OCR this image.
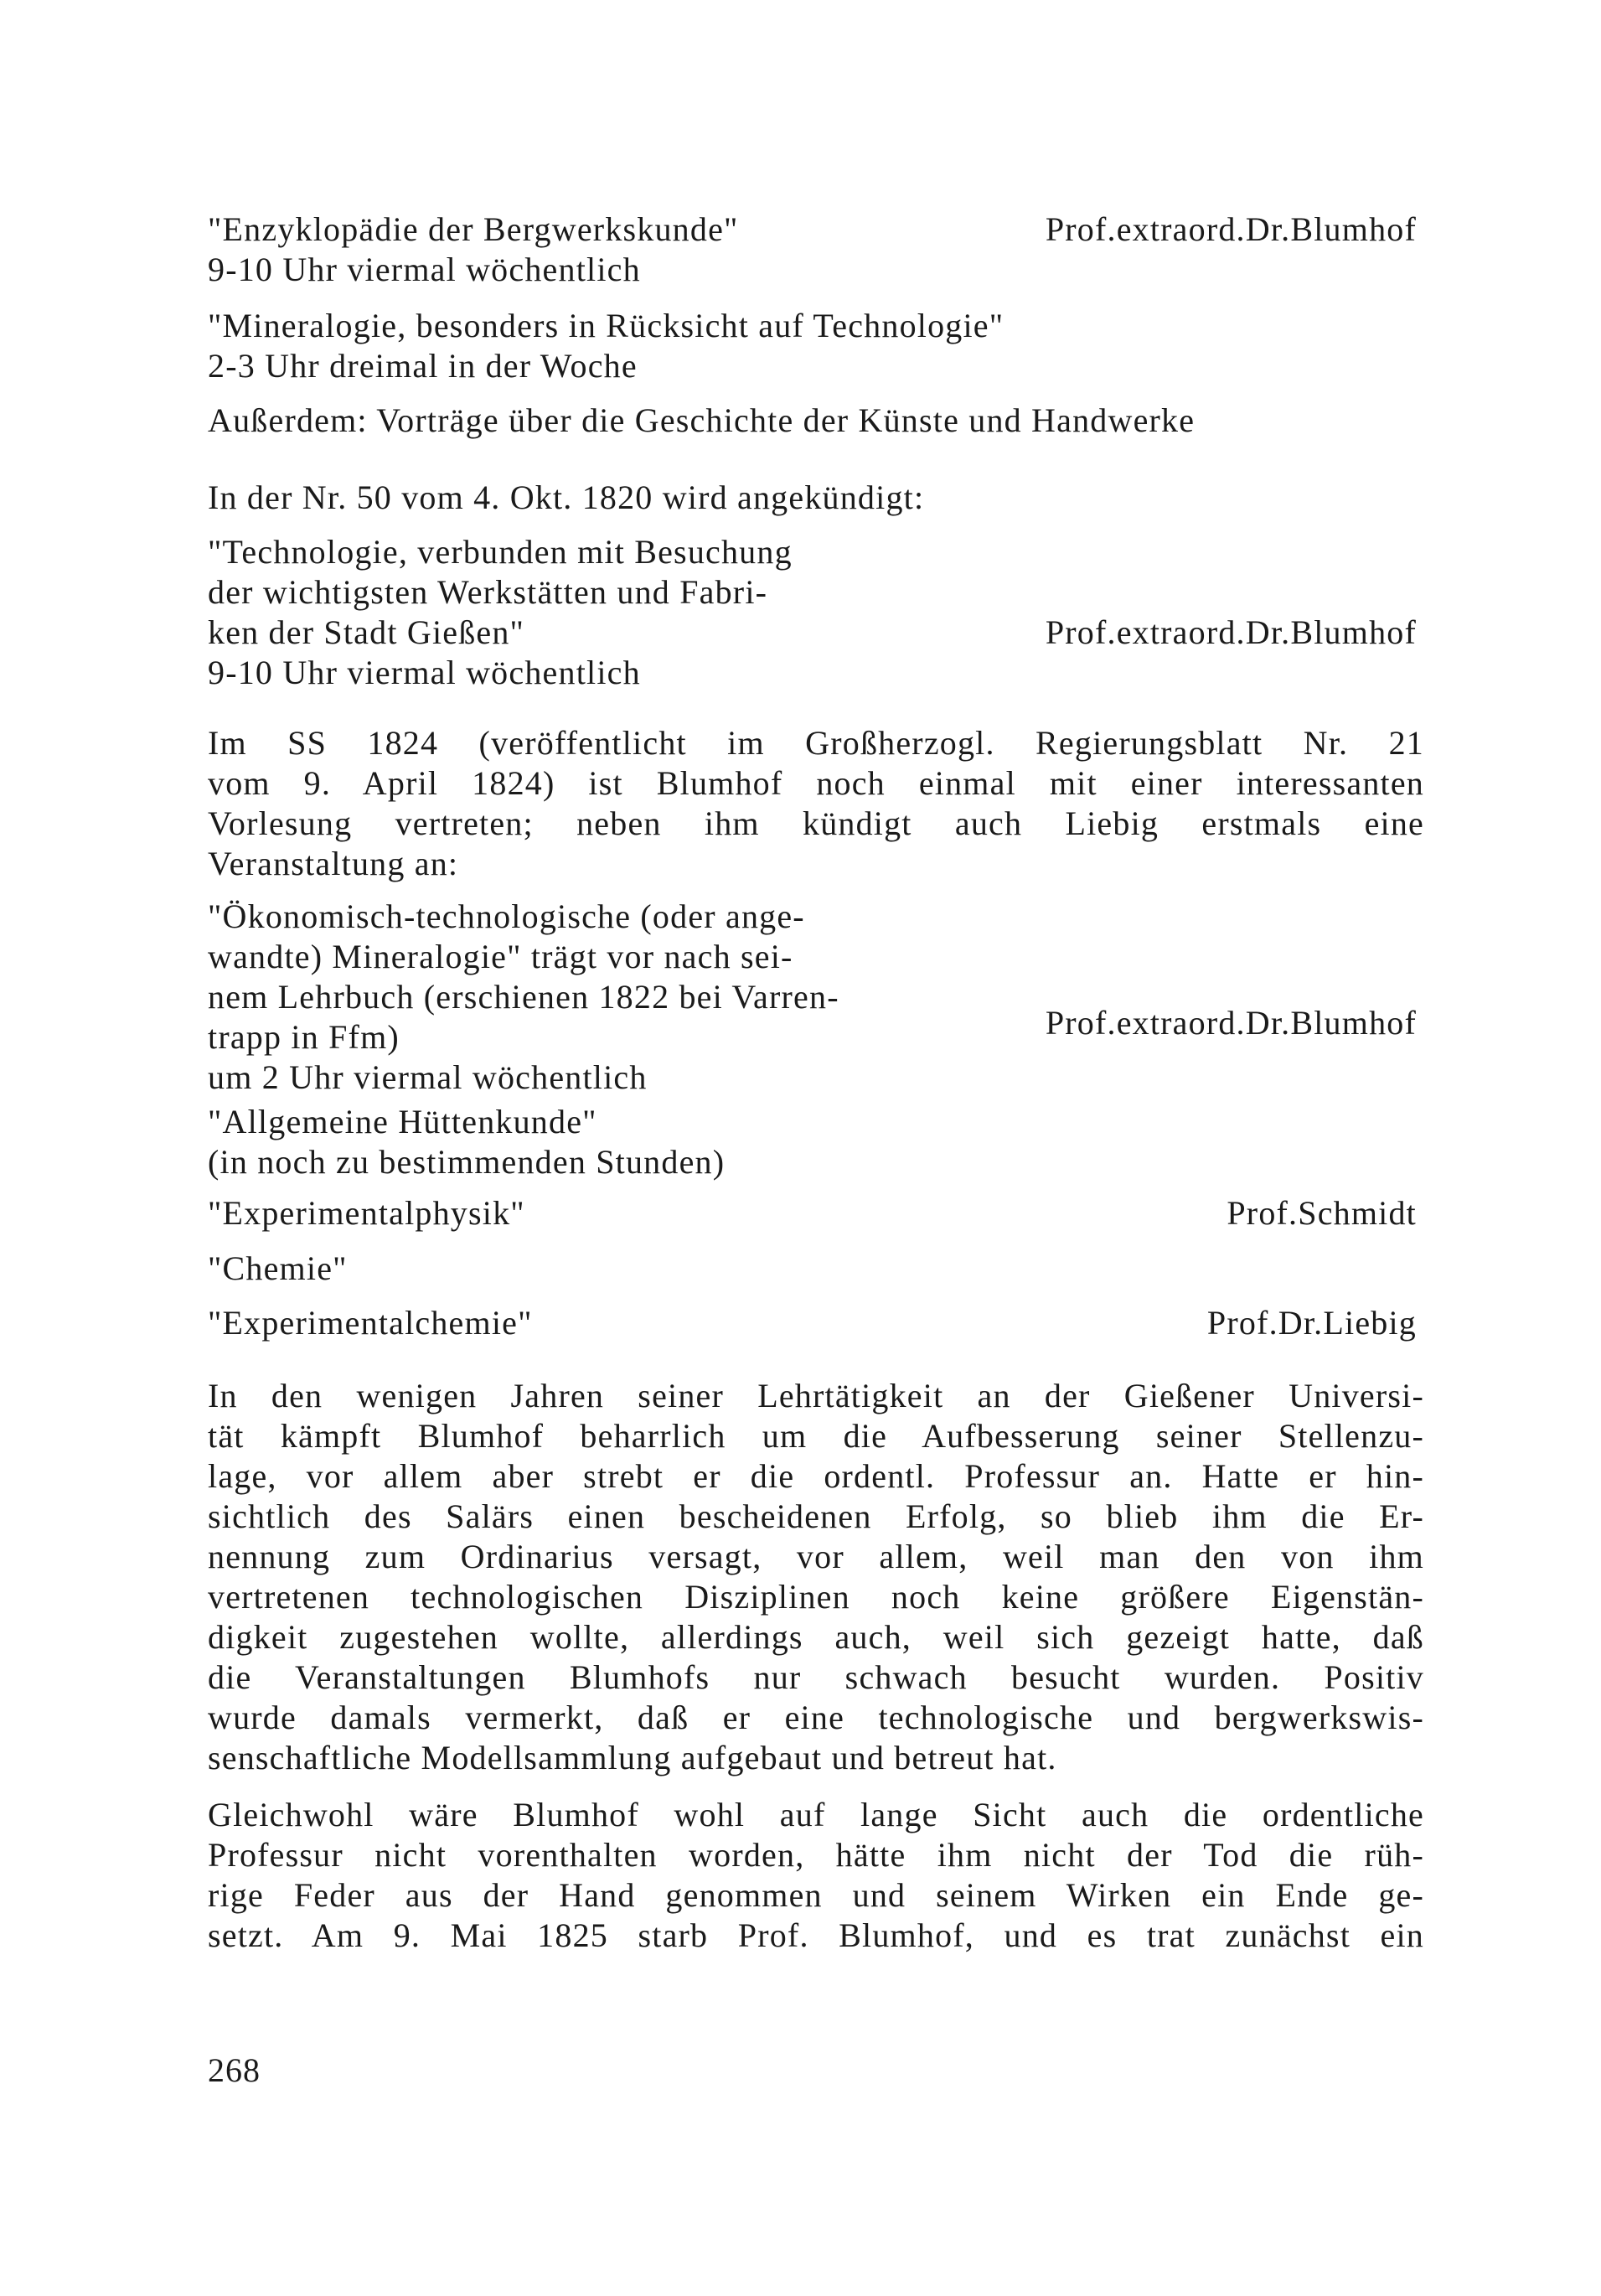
"Enzyklopädie der Bergwerkskunde"	Prof.extraord.Dr.Blumhof
9-10 Uhr viermal wöchentlich
"Mineralogie, besonders in Rücksicht auf Technologie"
2-3 Uhr dreimal in der Woche
Außerdem: Vorträge über die Geschichte der Künste und Handwerke
In der Nr. 50 vom 4. Okt. 1820 wird angekündigt:
"Technologie, verbunden mit Besuchung
der wichtigsten Werkstätten und Fabri-
ken der Stadt Gießen"	Prof.extraord.Dr.Blumhof
9-10 Uhr viermal wöchentlich
Im SS 1824 (veröffentlicht im Großherzogl. Regierungsblatt Nr. 21
vom 9. April 1824) ist Blumhof noch einmal mit einer interessanten
Vorlesung vertreten; neben ihm kündigt auch Liebig erstmals eine
Veranstaltung an:
"Ökonomisch-technologische (oder ange-
wandte) Mineralogie" trägt vor nach sei-
nem Lehrbuch (erschienen 1822 bei Varren-
trapp in Ffm)	Prof.extraord.Dr.Blumhof
um 2 Uhr viermal wöchentlich
"Allgemeine Hüttenkunde"
(in noch zu bestimmenden Stunden)
"Experimentalphysik"	Prof.Schmidt
"Chemie"
"Experimentalchemie"	Prof.Dr.Liebig
In den wenigen Jahren seiner Lehrtätigkeit an der Gießener Universi-
tät kämpft Blumhof beharrlich um die Aufbesserung seiner Stellenzu-
lage, vor allem aber strebt er die ordentl. Professur an. Hatte er hin-
sichtlich des Salärs einen bescheidenen Erfolg, so blieb ihm die Er-
nennung zum Ordinarius versagt, vor allem, weil man den von ihm
vertretenen technologischen Disziplinen noch keine größere Eigenstän-
digkeit zugestehen wollte, allerdings auch, weil sich gezeigt hatte, daß
die Veranstaltungen Blumhofs nur schwach besucht wurden. Positiv
wurde damals vermerkt, daß er eine technologische und bergwerkswis-
senschaftliche Modellsammlung aufgebaut und betreut hat.
Gleichwohl wäre Blumhof wohl auf lange Sicht auch die ordentliche
Professur nicht vorenthalten worden, hätte ihm nicht der Tod die rüh-
rige Feder aus der Hand genommen und seinem Wirken ein Ende ge-
setzt. Am 9. Mai 1825 starb Prof. Blumhof, und es trat zunächst ein
268
